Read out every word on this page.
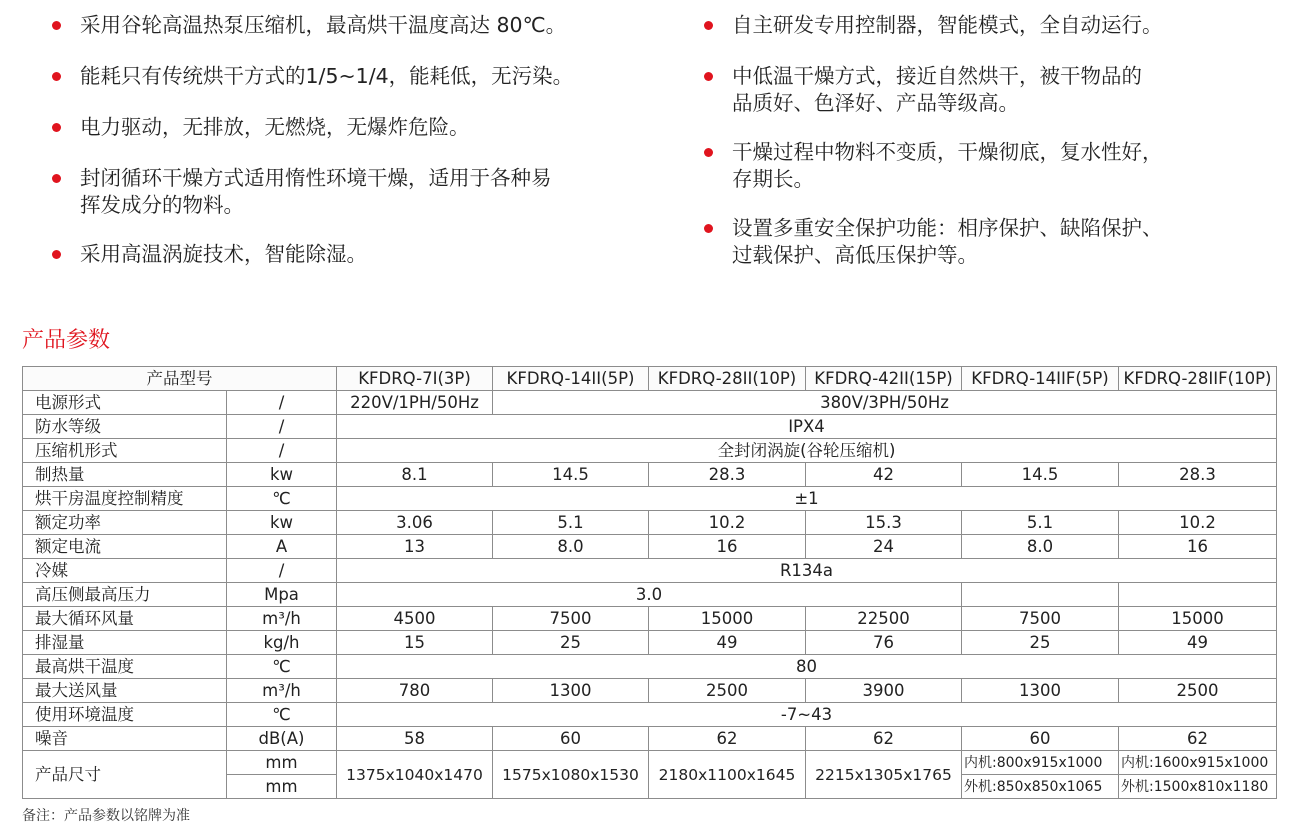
采用谷轮高温热泵压缩机，最高烘干温度高达 80℃。
能耗只有传统烘干方式的1/5~1/4，能耗低，无污染。
电力驱动，无排放，无燃烧，无爆炸危险。
封闭循环干燥方式适用惰性环境干燥，适用于各种易
挥发成分的物料。
采用高温涡旋技术，智能除湿。
自主研发专用控制器，智能模式，全自动运行。
中低温干燥方式，接近自然烘干，被干物品的
品质好、色泽好、产品等级高。
干燥过程中物料不变质，干燥彻底，复水性好，
存期长。
设置多重安全保护功能：相序保护、缺陷保护、
过载保护、高低压保护等。
产品参数
产品型号		KFDRQ-7I(3P)	KFDRQ-14II(5P)	KFDRQ-28II(10P)	KFDRQ-42II(15P)	KFDRQ-14IIF(5P)	KFDRQ-28IIF(10P)
电源形式	/	220V/1PH/50Hz	380V/3PH/50Hz				
防水等级	/	IPX4					
压缩机形式	/	全封闭涡旋(谷轮压缩机)					
制热量	kw	8.1	14.5	28.3	42	14.5	28.3
烘干房温度控制精度	℃	±1					
额定功率	kw	3.06	5.1	10.2	15.3	5.1	10.2
额定电流	A	13	8.0	16	24	8.0	16
冷媒	/	R134a					
高压侧最高压力	Mpa	3.0					
最大循环风量	m³/h	4500	7500	15000	22500	7500	15000
排湿量	kg/h	15	25	49	76	25	49
最高烘干温度	℃	80					
最大送风量	m³/h	780	1300	2500	3900	1300	2500
使用环境温度	℃	-7~43					
噪音	dB(A)	58	60	62	62	60	62
产品尺寸	mm	1375x1040x1470	1575x1080x1530	2180x1100x1645	2215x1305x1765	内机:800x915x1000	内机:1600x915x1000
	mm					外机:850x850x1065	外机:1500x810x1180
备注：产品参数以铭牌为准
